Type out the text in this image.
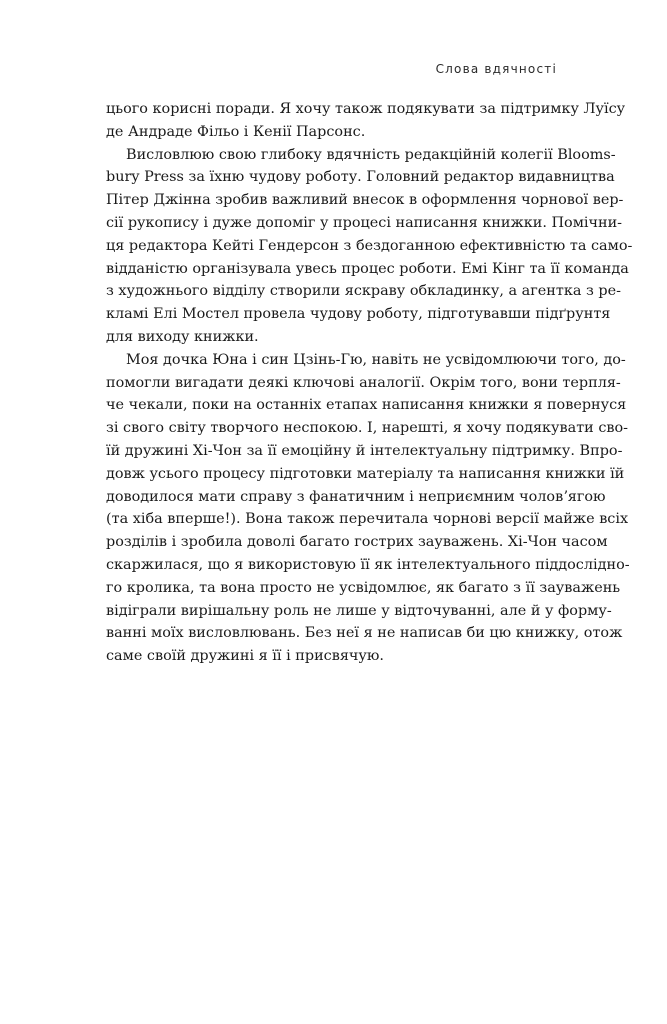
Слова вдячності
цього корисні поради. Я хочу також подякувати за підтримку Луїсу
де Андраде Фільо і Кенії Парсонс.
Висловлюю свою глибоку вдячність редакційній колегії Blooms-
bury Press за їхню чудову роботу. Головний редактор видавництва
Пітер Джінна зробив важливий внесок в оформлення чорнової вер-
сії рукопису і дуже допоміг у процесі написання книжки. Помічни-
ця редактора Кейті Гендерсон з бездоганною ефективністю та само-
відданістю організувала увесь процес роботи. Емі Кінг та її команда
з художнього відділу створили яскраву обкладинку, а агентка з ре-
кламі Елі Мостел провела чудову роботу, підготувавши підґрунтя
для виходу книжки.
Моя дочка Юна і син Цзінь-Гю, навіть не усвідомлюючи того, до-
помогли вигадати деякі ключові аналогії. Окрім того, вони терпля-
че чекали, поки на останніх етапах написання книжки я повернуся
зі свого світу творчого неспокою. І, нарешті, я хочу подякувати сво-
їй дружині Хі-Чон за її емоційну й інтелектуальну підтримку. Впро-
довж усього процесу підготовки матеріалу та написання книжки їй
доводилося мати справу з фанатичним і неприємним чоловʼягою
(та хіба вперше!). Вона також перечитала чорнові версії майже всіх
розділів і зробила доволі багато гострих зауважень. Хі-Чон часом
скаржилася, що я використовую її як інтелектуального піддослідно-
го кролика, та вона просто не усвідомлює, як багато з її зауважень
відіграли вирішальну роль не лише у відточуванні, але й у форму-
ванні моїх висловлювань. Без неї я не написав би цю книжку, отож
саме своїй дружині я її і присвячую.
